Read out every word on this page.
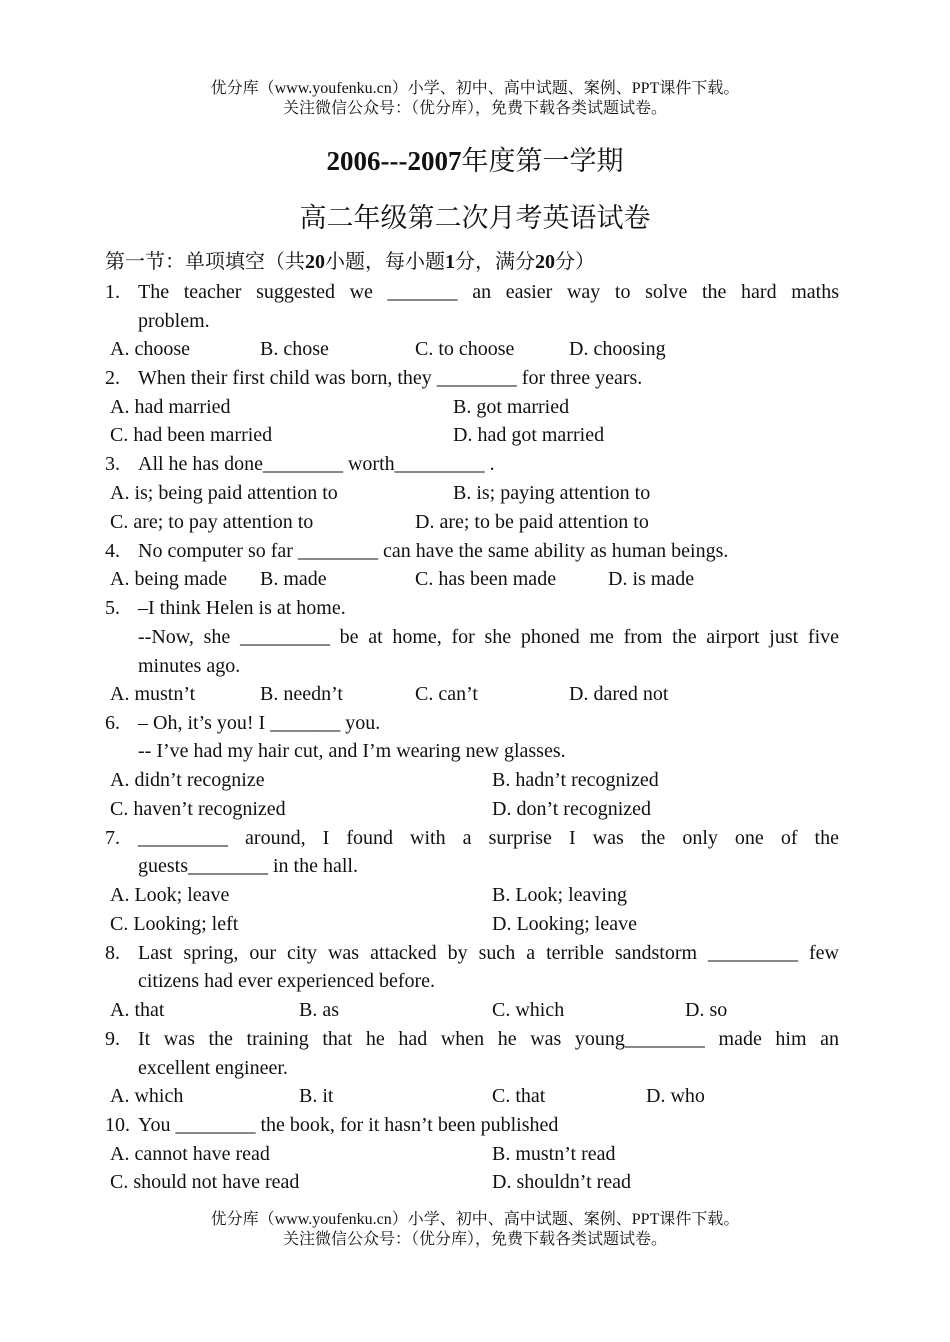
优分库（www.youfenku.cn）小学、初中、高中试题、案例、PPT课件下载。
关注微信公众号：（优分库），免费下载各类试题试卷。
2006---2007年度第一学期
高二年级第二次月考英语试卷
第一节：单项填空（共20小题，每小题1分，满分20分）
1. The teacher suggested we _______ an easier way to solve the hard maths
problem.
A. choose	B. chose	C. to choose	D. choosing
2. When their first child was born, they ________ for three years.
A. had married	B. got married
C. had been married	D. had got married
3. All he has done________ worth_________ .
A. is; being paid attention to	B. is; paying attention to
C. are; to pay attention to	D. are; to be paid attention to
4. No computer so far ________ can have the same ability as human beings.
A. being made B. made	C. has been made	D. is made
5. –I think Helen is at home.
--Now, she _________ be at home, for she phoned me from the airport just five
minutes ago.
A. mustn’t	B. needn’t	C. can’t	D. dared not
6. – Oh, it’s you! I _______ you.
-- I’ve had my hair cut, and I’m wearing new glasses.
A. didn’t recognize	B. hadn’t recognized
C. haven’t recognized	D. don’t recognized
7. _________ around, I found with a surprise I was the only one of the
guests________ in the hall.
A. Look; leave	B. Look; leaving
C. Looking; left	D. Looking; leave
8. Last spring, our city was attacked by such a terrible sandstorm _________ few
citizens had ever experienced before.
A. that	B. as	C. which	D. so
9. It was the training that he had when he was young________ made him an
excellent engineer.
A. which	B. it	C. that	D. who
10. You ________ the book, for it hasn’t been published
A. cannot have read	B. mustn’t read
C. should not have read	D. shouldn’t read
优分库（www.youfenku.cn）小学、初中、高中试题、案例、PPT课件下载。
关注微信公众号：（优分库），免费下载各类试题试卷。
